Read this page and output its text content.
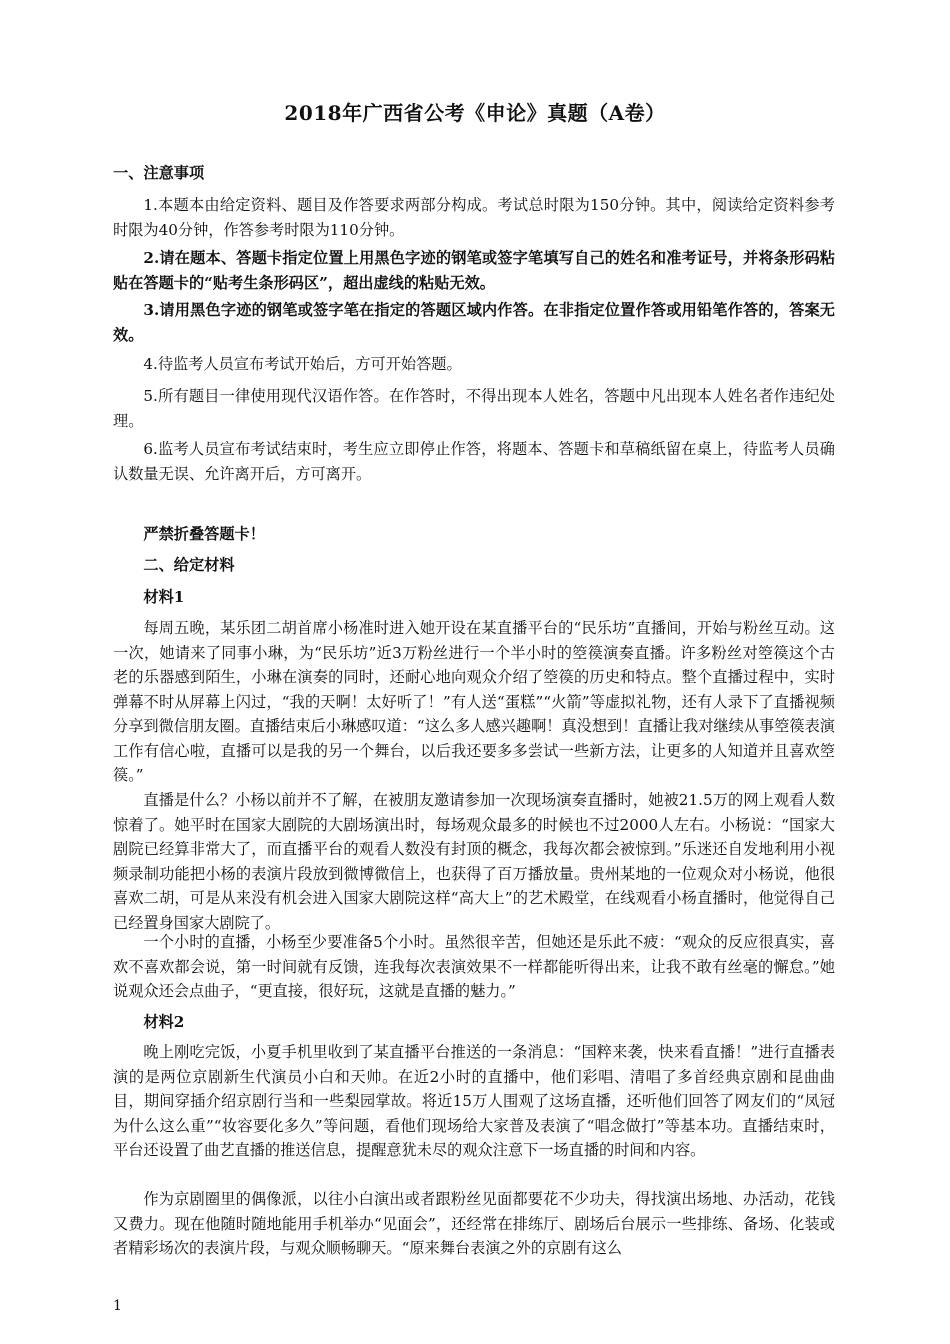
2018年广西省公考《申论》真题（A卷）

一、注意事项

1.本题本由给定资料、题目及作答要求两部分构成。考试总时限为150分钟。其中，阅读给定资料参考时限为40分钟，作答参考时限为110分钟。

2.请在题本、答题卡指定位置上用黑色字迹的钢笔或签字笔填写自己的姓名和准考证号，并将条形码粘贴在答题卡的“贴考生条形码区”，超出虚线的粘贴无效。

3.请用黑色字迹的钢笔或签字笔在指定的答题区域内作答。在非指定位置作答或用铅笔作答的，答案无效。

4.待监考人员宣布考试开始后，方可开始答题。

5.所有题目一律使用现代汉语作答。在作答时，不得出现本人姓名，答题中凡出现本人姓名者作违纪处理。

6.监考人员宣布考试结束时，考生应立即停止作答，将题本、答题卡和草稿纸留在桌上，待监考人员确认数量无误、允许离开后，方可离开。

严禁折叠答题卡！

二、给定材料

材料1

每周五晚，某乐团二胡首席小杨准时进入她开设在某直播平台的“民乐坊”直播间，开始与粉丝互动。这一次，她请来了同事小琳，为“民乐坊”近3万粉丝进行一个半小时的箜篌演奏直播。许多粉丝对箜篌这个古老的乐器感到陌生，小琳在演奏的同时，还耐心地向观众介绍了箜篌的历史和特点。整个直播过程中，实时弹幕不时从屏幕上闪过，“我的天啊！太好听了！”有人送“蛋糕”“火箭”等虚拟礼物，还有人录下了直播视频分享到微信朋友圈。直播结束后小琳感叹道：“这么多人感兴趣啊！真没想到！直播让我对继续从事箜篌表演工作有信心啦，直播可以是我的另一个舞台，以后我还要多多尝试一些新方法，让更多的人知道并且喜欢箜篌。”

直播是什么？小杨以前并不了解，在被朋友邀请参加一次现场演奏直播时，她被21.5万的网上观看人数惊着了。她平时在国家大剧院的大剧场演出时，每场观众最多的时候也不过2000人左右。小杨说：“国家大剧院已经算非常大了，而直播平台的观看人数没有封顶的概念，我每次都会被惊到。”乐迷还自发地利用小视频录制功能把小杨的表演片段放到微博微信上，也获得了百万播放量。贵州某地的一位观众对小杨说，他很喜欢二胡，可是从来没有机会进入国家大剧院这样“高大上”的艺术殿堂，在线观看小杨直播时，他觉得自己已经置身国家大剧院了。

一个小时的直播，小杨至少要准备5个小时。虽然很辛苦，但她还是乐此不疲：“观众的反应很真实，喜欢不喜欢都会说，第一时间就有反馈，连我每次表演效果不一样都能听得出来，让我不敢有丝毫的懈怠。”她说观众还会点曲子，“更直接，很好玩，这就是直播的魅力。”

材料2

晚上刚吃完饭，小夏手机里收到了某直播平台推送的一条消息：“国粹来袭，快来看直播！”进行直播表演的是两位京剧新生代演员小白和天帅。在近2小时的直播中，他们彩唱、清唱了多首经典京剧和昆曲曲目，期间穿插介绍京剧行当和一些梨园掌故。将近15万人围观了这场直播，还听他们回答了网友们的“凤冠为什么这么重”“妆容要化多久”等问题，看他们现场给大家普及表演了“唱念做打”等基本功。直播结束时，平台还设置了曲艺直播的推送信息，提醒意犹未尽的观众注意下一场直播的时间和内容。

作为京剧圈里的偶像派，以往小白演出或者跟粉丝见面都要花不少功夫，得找演出场地、办活动，花钱又费力。现在他随时随地能用手机举办“见面会”，还经常在排练厅、剧场后台展示一些排练、备场、化装或者精彩场次的表演片段，与观众顺畅聊天。“原来舞台表演之外的京剧有这么

1
